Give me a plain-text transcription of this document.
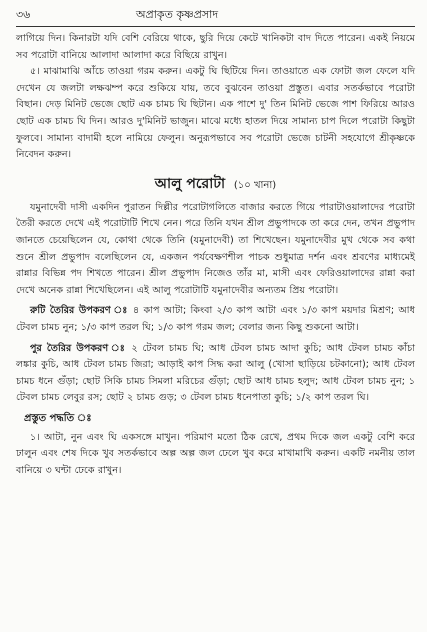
৩৬	অপ্রাকৃত কৃষ্ণপ্রসাদ

লাগিয়ে দিন। কিনারটা যদি বেশি বেরিয়ে থাকে, ছুরি দিয়ে কেটে খানিকটা বাদ দিতে পারেন। একই নিয়মে সব পরোটা বানিয়ে আলাদা আলাদা করে বিছিয়ে রাখুন।

৫। মাঝামাঝি আঁচে তাওয়া গরম করুন। একটু ঘি ছিটিয়ে দিন। তাওয়াতে এক ফোটা জল ফেলে যদি দেখেন যে জলটা লক্ষঝম্প করে শুকিয়ে যায়, তবে বুঝবেন তাওয়া প্রস্তুত। এবার সতর্কভাবে পরোটা বিছান। দেড় মিনিট ভেজে ছোট এক চামচ ঘি ছিটান। এক পাশে দু' তিন মিনিট ভেজে পাশ ফিরিয়ে আরও ছোট এক চামচ ঘি দিন। আরও দু'মিনিট ভাজুন। মাঝে মধ্যে হাতল দিয়ে সামান্য চাপ দিলে পরোটা কিছুটা ফুলবে। সামান্য বাদামী হলে নামিয়ে ফেলুন। অনুরূপভাবে সব পরোটা ভেজে চাটনী সহযোগে শ্রীকৃষ্ণকে নিবেদন করুন।

আলু পরোটা (১০ খানা)

যমুনাদেবী দাসী একদিন পুরাতন দিল্লীর পরোটাগলিতে বাজার করতে গিয়ে পারাটাওয়ালাদের পরোটা তৈরী করতে দেখে এই পরোটাটি শিখে নেন। পরে তিনি যখন শ্রীল প্রভুপাদকে তা করে দেন, তখন প্রভুপাদ জানতে চেয়েছিলেন যে, কোথা থেকে তিনি (যমুনাদেবী) তা শিখেছেন। যমুনাদেবীর মুখ থেকে সব কথা শুনে শ্রীল প্রভুপাদ বলেছিলেন যে, একজন পর্যবেক্ষণশীল পাচক শুধুমাত্র দর্শন এবং শ্রবণের মাধ্যমেই রান্নার বিভিন্ন পদ শিখতে পারেন। শ্রীল প্রভুপাদ নিজেও তাঁর মা, মাসী এবং ফেরিওয়ালাদের রান্না করা দেখে অনেক রান্না শিখেছিলেন। এই আলু পরোটাটি যমুনাদেবীর অন্যতম প্রিয় পরোটা।

রুটি তৈরির উপকরণ ঃ ৪ কাপ আটা; কিংবা ২/৩ কাপ আটা এবং ১/৩ কাপ ময়দার মিশ্রণ; আধ টেবল চামচ নুন; ১/৩ কাপ তরল ঘি; ১/৩ কাপ গরম জল; বেলার জন্য কিছু শুকনো আটা।

পুর তৈরির উপকরণ ঃ ২ টেবল চামচ ঘি; আধ টেবল চামচ আদা কুচি; আধ টেবল চামচ কাঁচা লঙ্কার কুচি, আধ টেবল চামচ জিরা; আড়াই কাপ সিদ্ধ করা আলু (খোসা ছাড়িয়ে চটকানো); আধ টেবল চামচ ধনে গুঁড়া; ছোট সিকি চামচ সিমলা মরিচের গুঁড়া; ছোট আধ চামচ হলুদ; আধ টেবল চামচ নুন; ১ টেবল চামচ লেবুর রস; ছোট ২ চামচ গুড়; ৩ টেবল চামচ ধনেপাতা কুচি; ১/২ কাপ তরল ঘি।

প্রস্তুত পদ্ধতি ঃ

১। আটা, নুন এবং ঘি একসঙ্গে মাখুন। পরিমাণ মতো ঠিক রেখে, প্রথম দিকে জল একটু বেশি করে ঢালুন এবং শেষ দিকে খুব সতর্কভাবে অল্প অল্প জল ঢেলে খুব করে মাখামাখি করুন। একটি নমনীয় তাল বানিয়ে ৩ ঘন্টা ঢেকে রাখুন।
